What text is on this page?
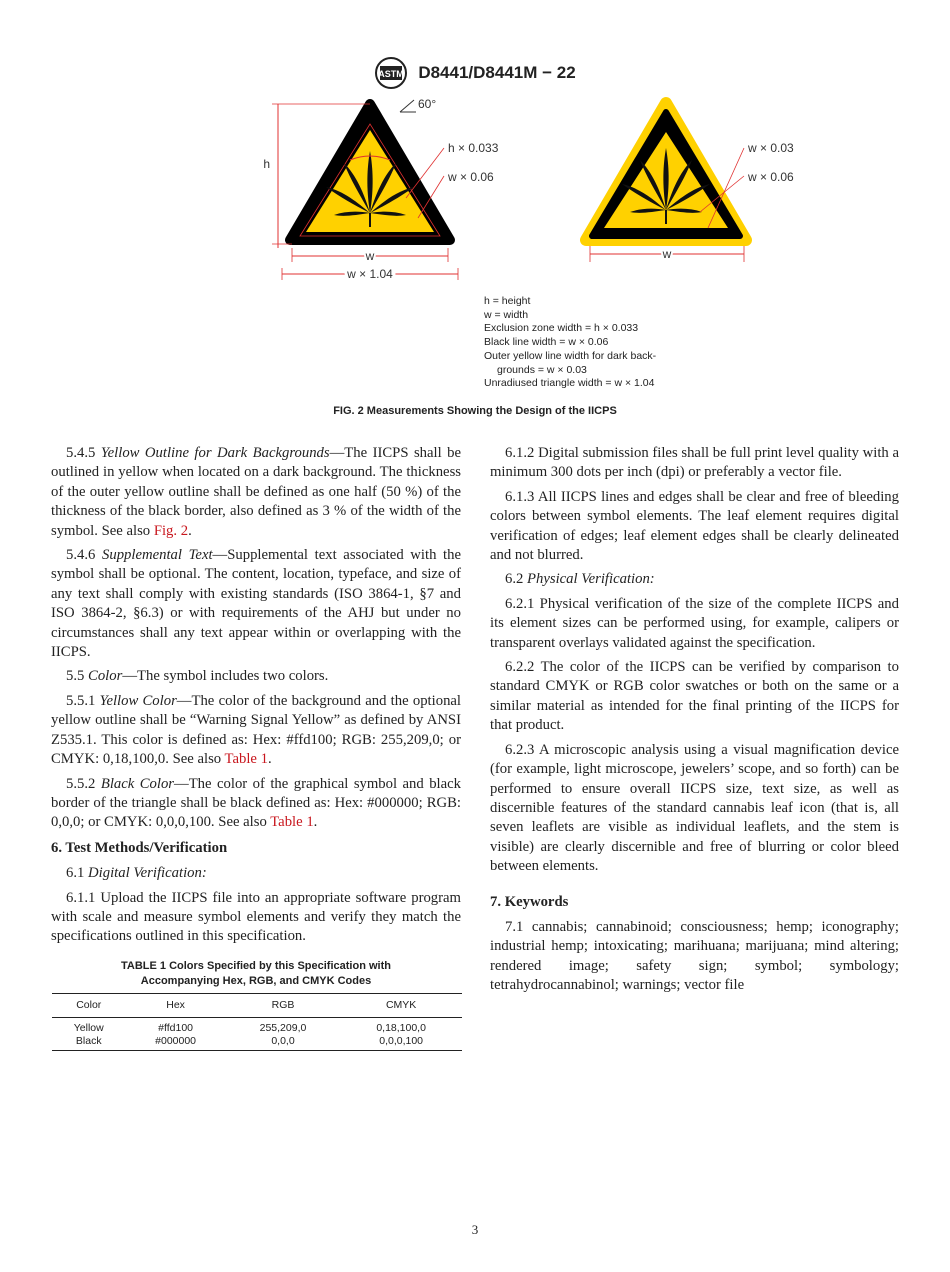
ASTM D8441/D8441M − 22
h
w
w × 1.04
60°
h × 0.033
w × 0.06
w
w × 0.03
w × 0.06
h = height
w = width
Exclusion zone width = h × 0.033
Black line width = w × 0.06
Outer yellow line width for dark back-
grounds = w × 0.03
Unradiused triangle width = w × 1.04
FIG. 2 Measurements Showing the Design of the IICPS

5.4.5 Yellow Outline for Dark Backgrounds—The IICPS shall be outlined in yellow when located on a dark background. The thickness of the outer yellow outline shall be defined as one half (50 %) of the thickness of the black border, also defined as 3 % of the width of the symbol. See also Fig. 2.

5.4.6 Supplemental Text—Supplemental text associated with the symbol shall be optional. The content, location, typeface, and size of any text shall comply with existing standards (ISO 3864-1, §7 and ISO 3864-2, §6.3) or with requirements of the AHJ but under no circumstances shall any text appear within or overlapping with the IICPS.

5.5 Color—The symbol includes two colors.

5.5.1 Yellow Color—The color of the background and the optional yellow outline shall be “Warning Signal Yellow” as defined by ANSI Z535.1. This color is defined as: Hex: #ffd100; RGB: 255,209,0; or CMYK: 0,18,100,0. See also Table 1.

5.5.2 Black Color—The color of the graphical symbol and black border of the triangle shall be black defined as: Hex: #000000; RGB: 0,0,0; or CMYK: 0,0,0,100. See also Table 1.

6. Test Methods/Verification

6.1 Digital Verification:

6.1.1 Upload the IICPS file into an appropriate software program with scale and measure symbol elements and verify they match the specifications outlined in this specification.

TABLE 1 Colors Specified by this Specification with
Accompanying Hex, RGB, and CMYK Codes
Color	Hex	RGB	CMYK
Yellow	#ffd100	255,209,0	0,18,100,0
Black	#000000	0,0,0	0,0,0,100

6.1.2 Digital submission files shall be full print level quality with a minimum 300 dots per inch (dpi) or preferably a vector file.

6.1.3 All IICPS lines and edges shall be clear and free of bleeding colors between symbol elements. The leaf element requires digital verification of edges; leaf element edges shall be clearly delineated and not blurred.

6.2 Physical Verification:

6.2.1 Physical verification of the size of the complete IICPS and its element sizes can be performed using, for example, calipers or transparent overlays validated against the specification.

6.2.2 The color of the IICPS can be verified by comparison to standard CMYK or RGB color swatches or both on the same or a similar material as intended for the final printing of the IICPS for that product.

6.2.3 A microscopic analysis using a visual magnification device (for example, light microscope, jewelers’ scope, and so forth) can be performed to ensure overall IICPS size, text size, as well as discernible features of the standard cannabis leaf icon (that is, all seven leaflets are visible as individual leaflets, and the stem is visible) are clearly discernible and free of blurring or color bleed between elements.

7. Keywords

7.1 cannabis; cannabinoid; consciousness; hemp; iconography; industrial hemp; intoxicating; marihuana; marijuana; mind altering; rendered image; safety sign; symbol; symbology; tetrahydrocannabinol; warnings; vector file

3
